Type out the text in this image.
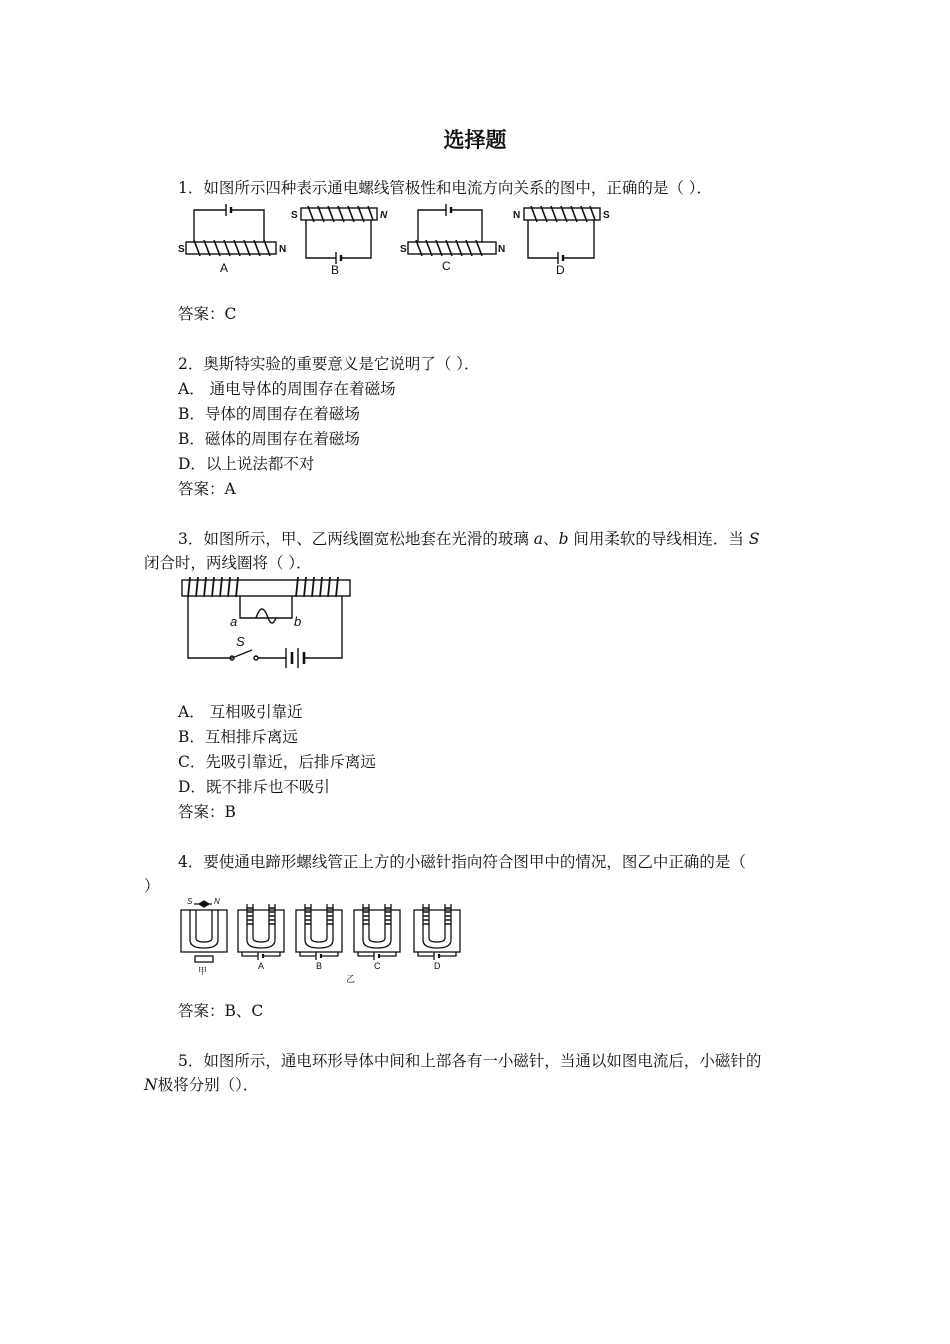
选择题
1．如图所示四种表示通电螺线管极性和电流方向关系的图中，正确的是（ ）．
S	N
S	N
S	N
N	S
A	B	C	D
答案：C
2．奥斯特实验的重要意义是它说明了（ ）．
A． 通电导体的周围存在着磁场
B．导体的周围存在着磁场
B．磁体的周围存在着磁场
D．以上说法都不对
答案：A
3．如图所示，甲、乙两线圈宽松地套在光滑的玻璃 a、b 间用柔软的导线相连．当 S
闭合时，两线圈将（ ）．
a	b
S
A． 互相吸引靠近
B．互相排斥离远
C．先吸引靠近，后排斥离远
D．既不排斥也不吸引
答案：B
4．要使通电蹄形螺线管正上方的小磁针指向符合图甲中的情况，图乙中正确的是（
）
S	N
甲	A	B	C	D
乙
答案：B、C
5．如图所示，通电环形导体中间和上部各有一小磁针，当通以如图电流后，小磁针的
N极将分别（）．
